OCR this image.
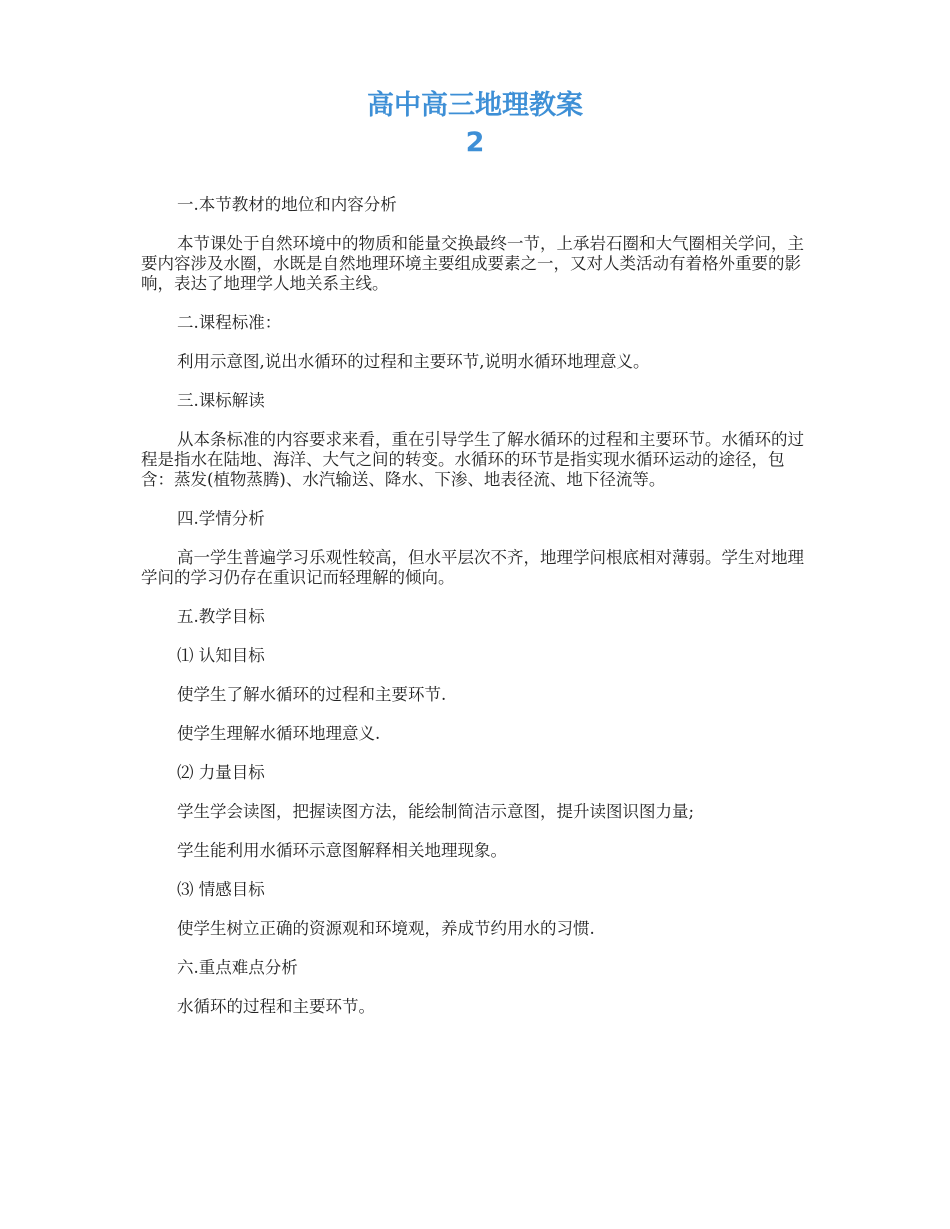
高中高三地理教案
2

一.本节教材的地位和内容分析

本节课处于自然环境中的物质和能量交换最终一节，上承岩石圈和大气圈相关学问，主要内容涉及水圈，水既是自然地理环境主要组成要素之一，又对人类活动有着格外重要的影响，表达了地理学人地关系主线。

二.课程标准：

利用示意图,说出水循环的过程和主要环节,说明水循环地理意义。

三.课标解读

从本条标准的内容要求来看，重在引导学生了解水循环的过程和主要环节。水循环的过程是指水在陆地、海洋、大气之间的转变。水循环的环节是指实现水循环运动的途径，包含：蒸发(植物蒸腾)、水汽输送、降水、下渗、地表径流、地下径流等。

四.学情分析

高一学生普遍学习乐观性较高，但水平层次不齐，地理学问根底相对薄弱。学生对地理学问的学习仍存在重识记而轻理解的倾向。

五.教学目标

⑴ 认知目标

使学生了解水循环的过程和主要环节.

使学生理解水循环地理意义.

⑵ 力量目标

学生学会读图，把握读图方法，能绘制简洁示意图，提升读图识图力量;

学生能利用水循环示意图解释相关地理现象。

⑶ 情感目标

使学生树立正确的资源观和环境观，养成节约用水的习惯.

六.重点难点分析

水循环的过程和主要环节。
